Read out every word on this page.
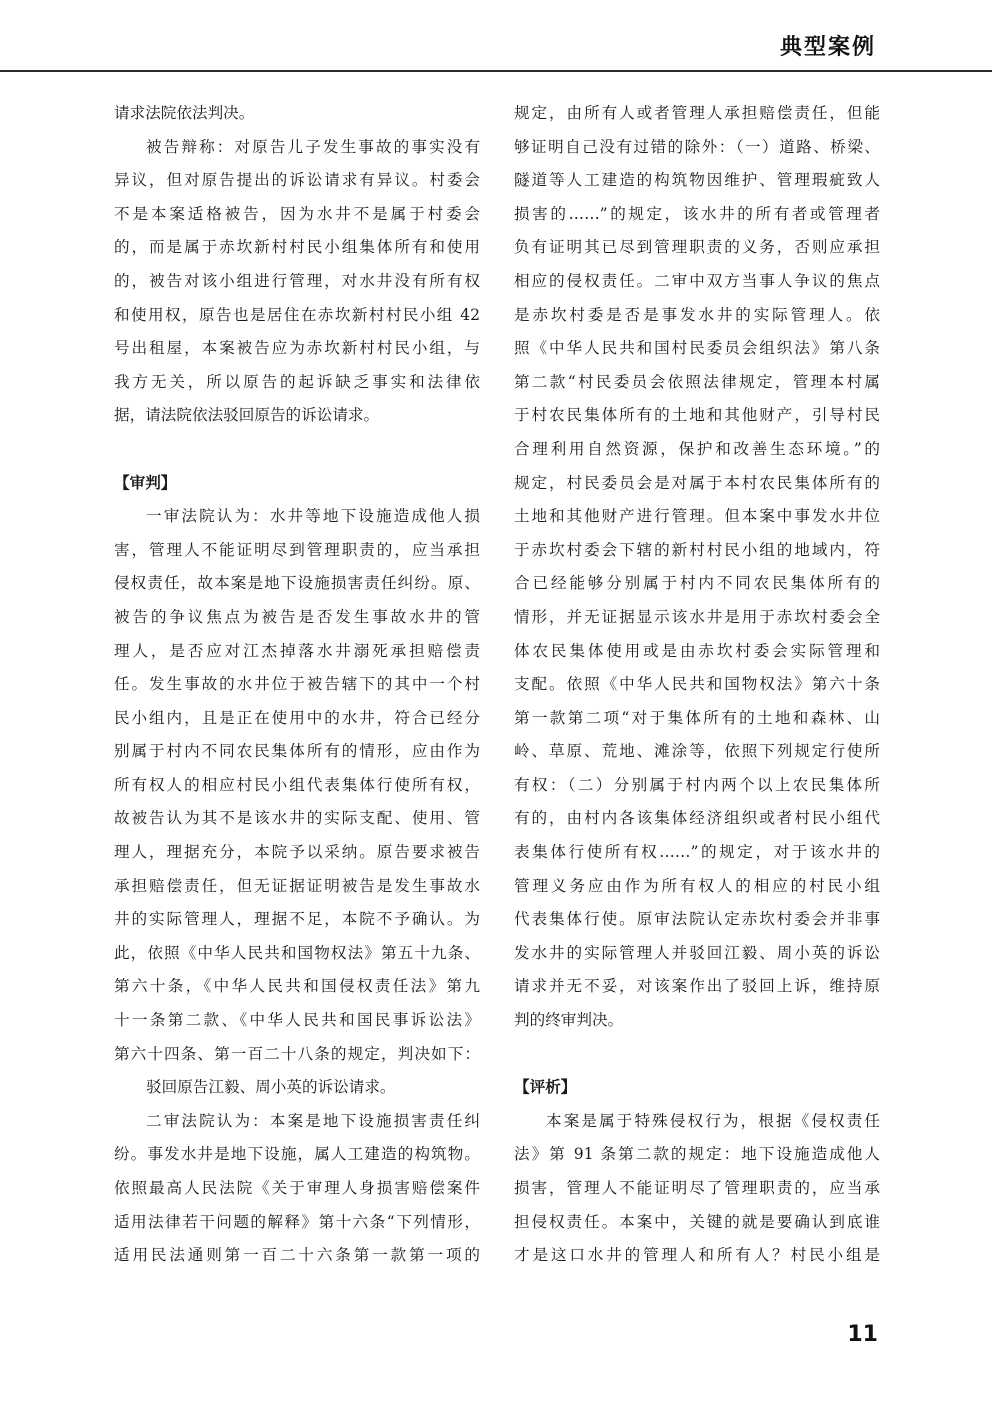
典型案例
请求法院依法判决。
被告辩称：对原告儿子发生事故的事实没有
异议，但对原告提出的诉讼请求有异议。村委会
不是本案适格被告，因为水井不是属于村委会
的，而是属于赤坎新村村民小组集体所有和使用
的，被告对该小组进行管理，对水井没有所有权
和使用权，原告也是居住在赤坎新村村民小组 42
号出租屋，本案被告应为赤坎新村村民小组，与
我方无关，所以原告的起诉缺乏事实和法律依
据，请法院依法驳回原告的诉讼请求。
【审判】
一审法院认为：水井等地下设施造成他人损
害，管理人不能证明尽到管理职责的，应当承担
侵权责任，故本案是地下设施损害责任纠纷。原、
被告的争议焦点为被告是否发生事故水井的管
理人，是否应对江杰掉落水井溺死承担赔偿责
任。发生事故的水井位于被告辖下的其中一个村
民小组内，且是正在使用中的水井，符合已经分
别属于村内不同农民集体所有的情形，应由作为
所有权人的相应村民小组代表集体行使所有权，
故被告认为其不是该水井的实际支配、使用、管
理人，理据充分，本院予以采纳。原告要求被告
承担赔偿责任，但无证据证明被告是发生事故水
井的实际管理人，理据不足，本院不予确认。为
此，依照《中华人民共和国物权法》第五十九条、
第六十条，《中华人民共和国侵权责任法》第九
十一条第二款、《中华人民共和国民事诉讼法》
第六十四条、第一百二十八条的规定，判决如下：
驳回原告江毅、周小英的诉讼请求。
二审法院认为：本案是地下设施损害责任纠
纷。事发水井是地下设施，属人工建造的构筑物。
依照最高人民法院《关于审理人身损害赔偿案件
适用法律若干问题的解释》第十六条“下列情形，
适用民法通则第一百二十六条第一款第一项的
规定，由所有人或者管理人承担赔偿责任，但能
够证明自己没有过错的除外：（一）道路、桥梁、
隧道等人工建造的构筑物因维护、管理瑕疵致人
损害的……”的规定，该水井的所有者或管理者
负有证明其已尽到管理职责的义务，否则应承担
相应的侵权责任。二审中双方当事人争议的焦点
是赤坎村委是否是事发水井的实际管理人。依
照《中华人民共和国村民委员会组织法》第八条
第二款“村民委员会依照法律规定，管理本村属
于村农民集体所有的土地和其他财产，引导村民
合理利用自然资源，保护和改善生态环境。”的
规定，村民委员会是对属于本村农民集体所有的
土地和其他财产进行管理。但本案中事发水井位
于赤坎村委会下辖的新村村民小组的地域内，符
合已经能够分别属于村内不同农民集体所有的
情形，并无证据显示该水井是用于赤坎村委会全
体农民集体使用或是由赤坎村委会实际管理和
支配。依照《中华人民共和国物权法》第六十条
第一款第二项“对于集体所有的土地和森林、山
岭、草原、荒地、滩涂等，依照下列规定行使所
有权：（二）分别属于村内两个以上农民集体所
有的，由村内各该集体经济组织或者村民小组代
表集体行使所有权……”的规定，对于该水井的
管理义务应由作为所有权人的相应的村民小组
代表集体行使。原审法院认定赤坎村委会并非事
发水井的实际管理人并驳回江毅、周小英的诉讼
请求并无不妥，对该案作出了驳回上诉，维持原
判的终审判决。
【评析】
本案是属于特殊侵权行为，根据《侵权责任
法》第 91 条第二款的规定：地下设施造成他人
损害，管理人不能证明尽了管理职责的，应当承
担侵权责任。本案中，关键的就是要确认到底谁
才是这口水井的管理人和所有人？村民小组是
11
